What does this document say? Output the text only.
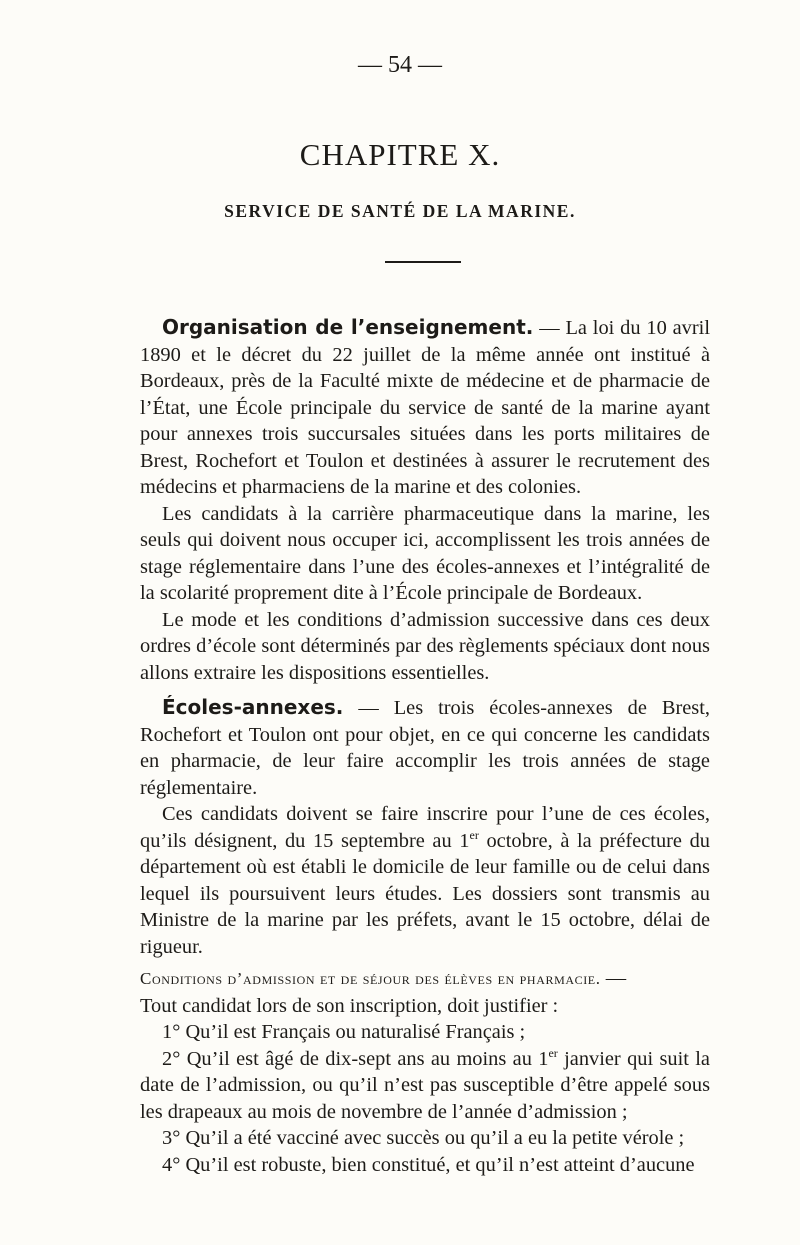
— 54 —
CHAPITRE X.
SERVICE DE SANTÉ DE LA MARINE.

Organisation de l’enseignement. — La loi du 10 avril 1890 et le décret du 22 juillet de la même année ont institué à Bordeaux, près de la Faculté mixte de médecine et de pharmacie de l’État, une École principale du service de santé de la marine ayant pour annexes trois succursales situées dans les ports militaires de Brest, Rochefort et Toulon et destinées à assurer le recrutement des médecins et pharmaciens de la marine et des colonies.

Les candidats à la carrière pharmaceutique dans la marine, les seuls qui doivent nous occuper ici, accomplissent les trois années de stage réglementaire dans l’une des écoles-annexes et l’intégralité de la scolarité proprement dite à l’École principale de Bordeaux.

Le mode et les conditions d’admission successive dans ces deux ordres d’école sont déterminés par des règlements spéciaux dont nous allons extraire les dispositions essentielles.

Écoles-annexes. — Les trois écoles-annexes de Brest, Rochefort et Toulon ont pour objet, en ce qui concerne les candidats en pharmacie, de leur faire accomplir les trois années de stage réglementaire.

Ces candidats doivent se faire inscrire pour l’une de ces écoles, qu’ils désignent, du 15 septembre au 1er octobre, à la préfecture du département où est établi le domicile de leur famille ou de celui dans lequel ils poursuivent leurs études. Les dossiers sont transmis au Ministre de la marine par les préfets, avant le 15 octobre, délai de rigueur.

Conditions d’admission et de séjour des élèves en pharmacie. —

Tout candidat lors de son inscription, doit justifier :

1° Qu’il est Français ou naturalisé Français ;

2° Qu’il est âgé de dix-sept ans au moins au 1er janvier qui suit la date de l’admission, ou qu’il n’est pas susceptible d’être appelé sous les drapeaux au mois de novembre de l’année d’admission ;

3° Qu’il a été vacciné avec succès ou qu’il a eu la petite vérole ;

4° Qu’il est robuste, bien constitué, et qu’il n’est atteint d’aucune
